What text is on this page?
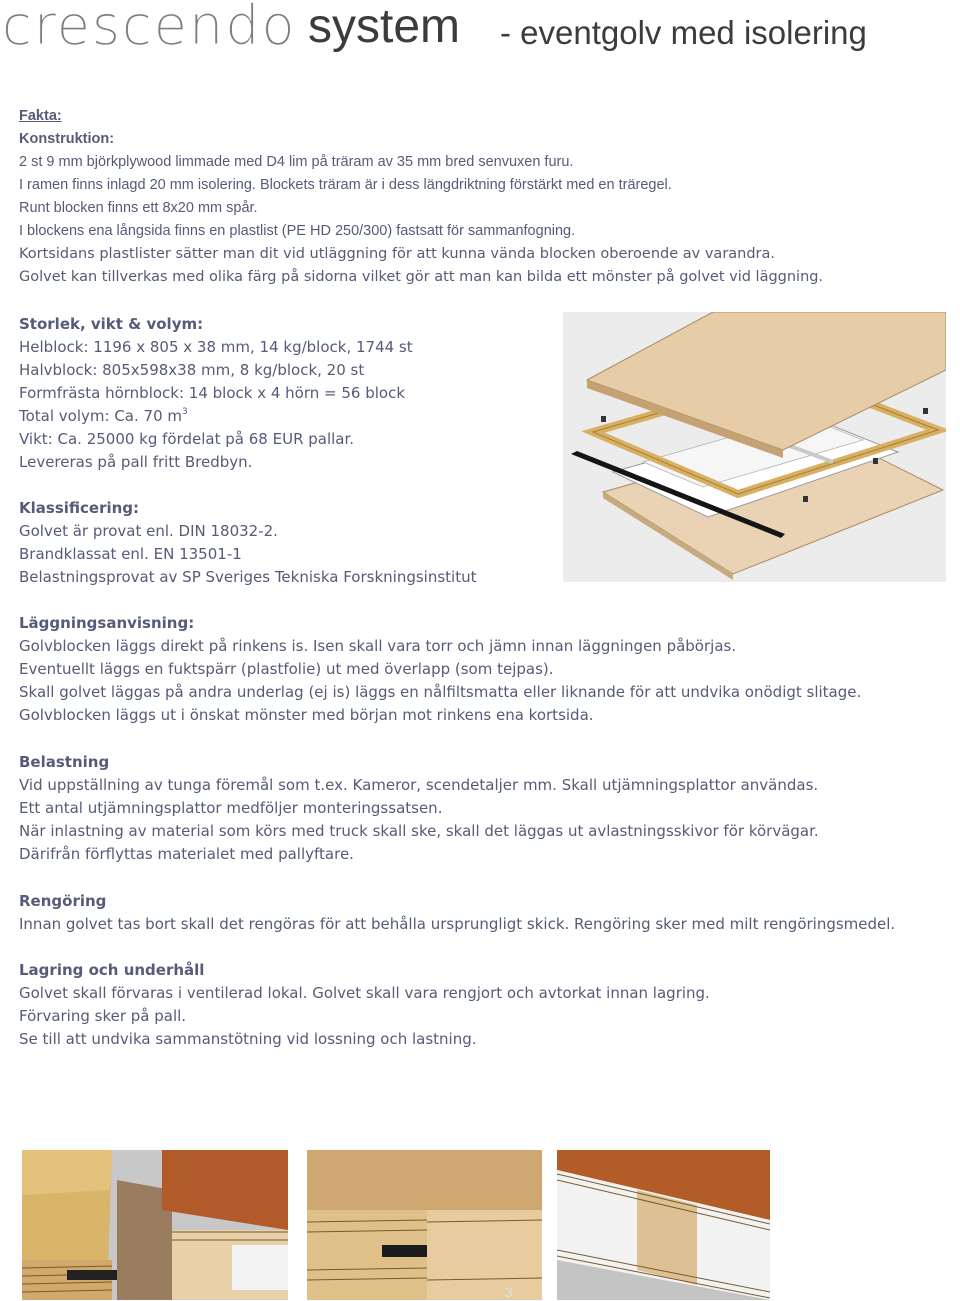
crescendo system - eventgolv med isolering

Fakta:

Konstruktion:

2 st 9 mm björkplywood limmade med D4 lim på träram av 35 mm bred senvuxen furu.

I ramen finns inlagd 20 mm isolering. Blockets träram är i dess längdriktning förstärkt med en träregel.

Runt blocken finns ett 8x20 mm spår.

I blockens ena långsida finns en plastlist (PE HD 250/300) fastsatt för sammanfogning.

Kortsidans plastlister sätter man dit vid utläggning för att kunna vända blocken oberoende av varandra.

Golvet kan tillverkas med olika färg på sidorna vilket gör att man kan bilda ett mönster på golvet vid läggning.

Storlek, vikt & volym:

Helblock: 1196 x 805 x 38 mm, 14 kg/block, 1744 st

Halvblock: 805x598x38 mm, 8 kg/block, 20 st

Formfrästa hörnblock: 14 block x 4 hörn = 56 block

Total volym: Ca. 70 $m^3$

Vikt: Ca. 25000 kg fördelat på 68 EUR pallar.

Levereras på pall fritt Bredbyn.

Klassificering:

Golvet är provat enl. DIN 18032-2.

Brandklassat enl. EN 13501-1

Belastningsprovat av SP Sveriges Tekniska Forskningsinstitut

Läggningsanvisning:

Golvblocken läggs direkt på rinkens is. Isen skall vara torr och jämn innan läggningen påbörjas.

Eventuellt läggs en fuktspärr (plastfolie) ut med överlapp (som tejpas).

Skall golvet läggas på andra underlag (ej is) läggs en nålfiltsmatta eller liknande för att undvika onödigt slitage.

Golvblocken läggs ut i önskat mönster med början mot rinkens ena kortsida.

Belastning

Vid uppställning av tunga föremål som t.ex. Kameror, scendetaljer mm. Skall utjämningsplattor användas.

Ett antal utjämningsplattor medföljer monteringssatsen.

När inlastning av material som körs med truck skall ske, skall det läggas ut avlastningsskivor för körvägar.

Därifrån förflyttas materialet med pallyftare.

Rengöring

Innan golvet tas bort skall det rengöras för att behålla ursprungligt skick. Rengöring sker med milt rengöringsmedel.

Lagring och underhåll

Golvet skall förvaras i ventilerad lokal. Golvet skall vara rengjort och avtorkat innan lagring.

Förvaring sker på pall.

Se till att undvika sammanstötning vid lossning och lastning.

3
